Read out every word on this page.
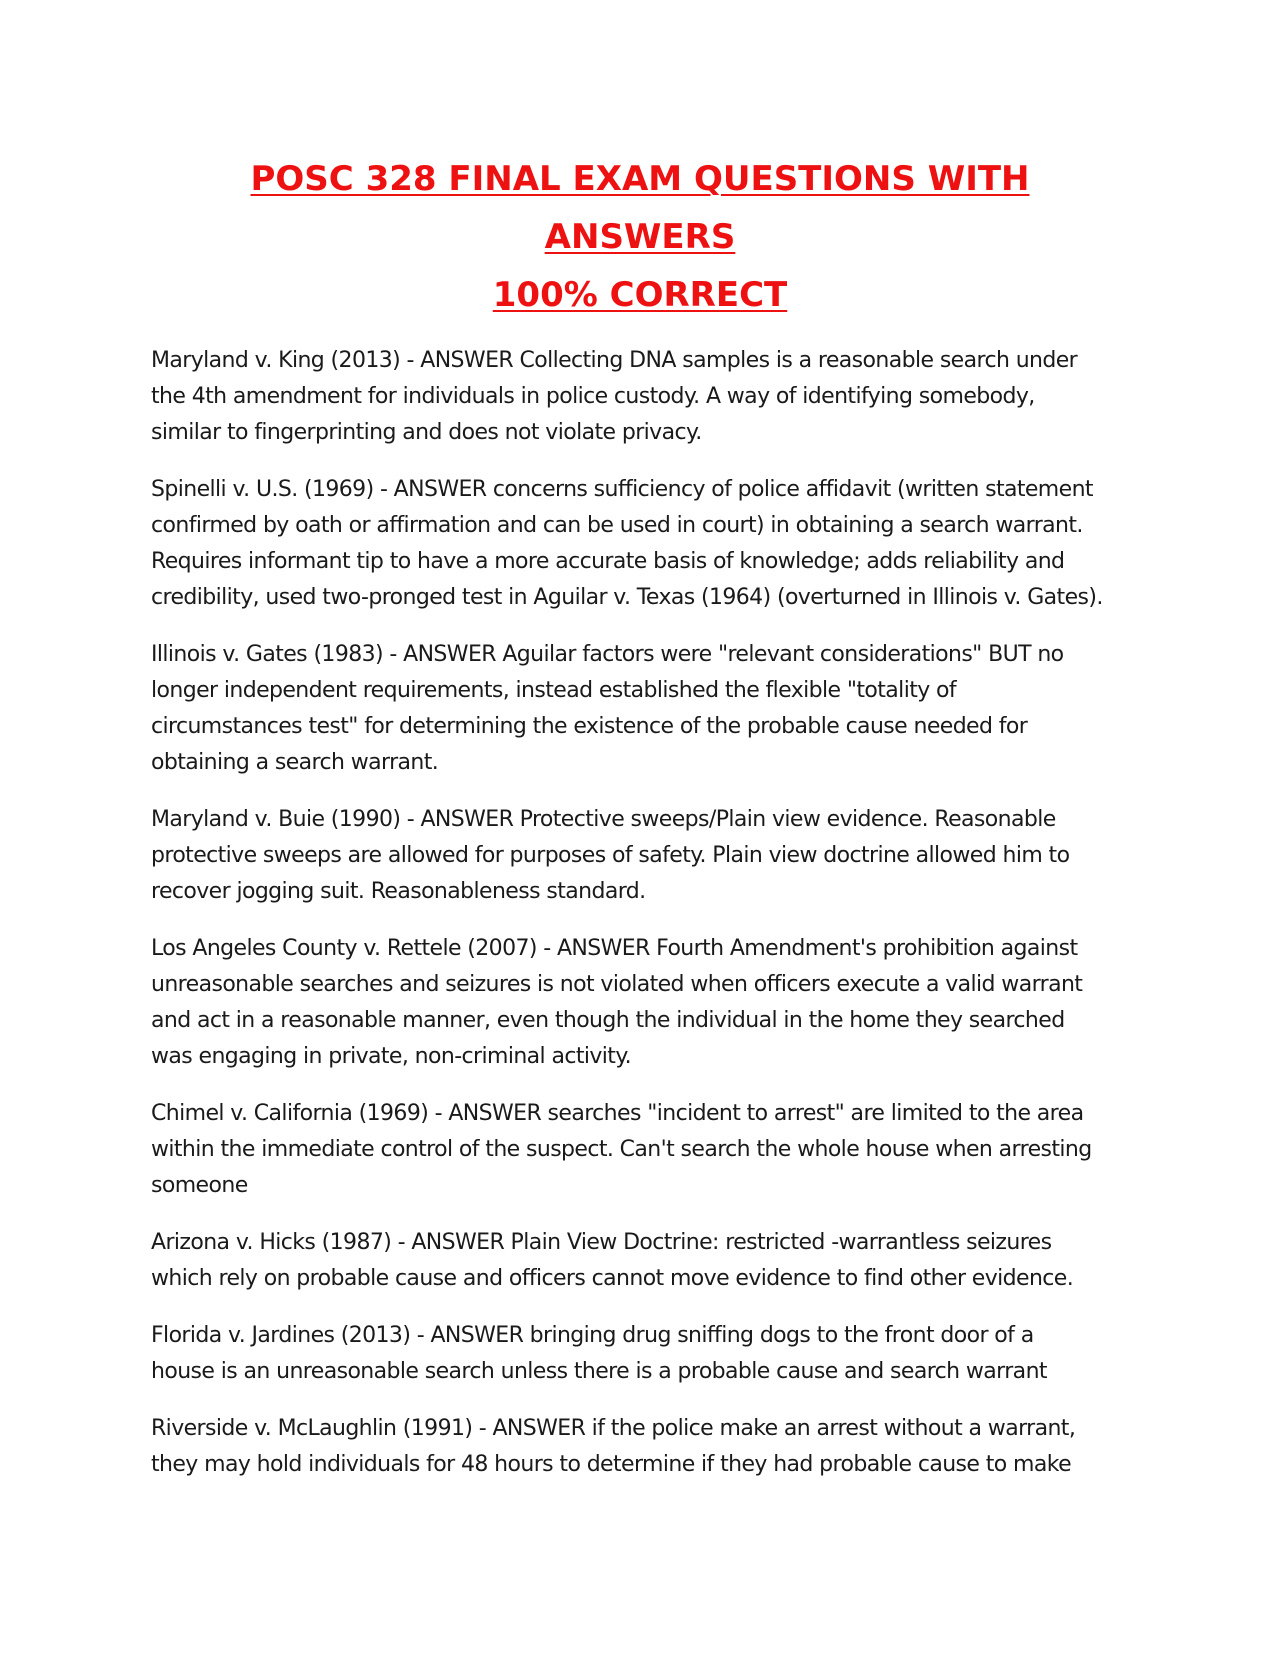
POSC 328 FINAL EXAM QUESTIONS WITH ANSWERS
100% CORRECT

Maryland v. King (2013) - ANSWER Collecting DNA samples is a reasonable search under
the 4th amendment for individuals in police custody. A way of identifying somebody,
similar to fingerprinting and does not violate privacy.

Spinelli v. U.S. (1969) - ANSWER concerns sufficiency of police affidavit (written statement
confirmed by oath or affirmation and can be used in court) in obtaining a search warrant.
Requires informant tip to have a more accurate basis of knowledge; adds reliability and
credibility, used two-pronged test in Aguilar v. Texas (1964) (overturned in Illinois v. Gates).

Illinois v. Gates (1983) - ANSWER Aguilar factors were "relevant considerations" BUT no
longer independent requirements, instead established the flexible "totality of
circumstances test" for determining the existence of the probable cause needed for
obtaining a search warrant.

Maryland v. Buie (1990) - ANSWER Protective sweeps/Plain view evidence. Reasonable
protective sweeps are allowed for purposes of safety. Plain view doctrine allowed him to
recover jogging suit. Reasonableness standard.

Los Angeles County v. Rettele (2007) - ANSWER Fourth Amendment's prohibition against
unreasonable searches and seizures is not violated when officers execute a valid warrant
and act in a reasonable manner, even though the individual in the home they searched
was engaging in private, non-criminal activity.

Chimel v. California (1969) - ANSWER searches "incident to arrest" are limited to the area
within the immediate control of the suspect. Can't search the whole house when arresting
someone

Arizona v. Hicks (1987) - ANSWER Plain View Doctrine: restricted -warrantless seizures
which rely on probable cause and officers cannot move evidence to find other evidence.

Florida v. Jardines (2013) - ANSWER bringing drug sniffing dogs to the front door of a
house is an unreasonable search unless there is a probable cause and search warrant

Riverside v. McLaughlin (1991) - ANSWER if the police make an arrest without a warrant,
they may hold individuals for 48 hours to determine if they had probable cause to make
